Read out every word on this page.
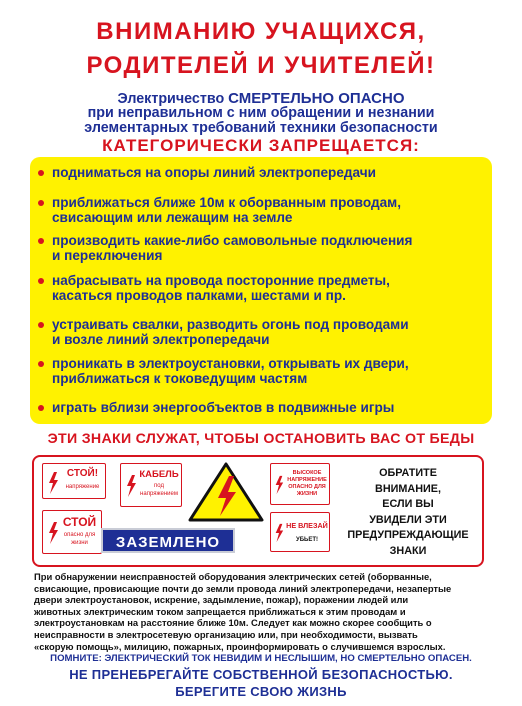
ВНИМАНИЮ УЧАЩИХСЯ,
РОДИТЕЛЕЙ И УЧИТЕЛЕЙ!
Электричество СМЕРТЕЛЬНО ОПАСНО
при неправильном с ним обращении и незнании
элементарных требований техники безопасности
КАТЕГОРИЧЕСКИ ЗАПРЕЩАЕТСЯ:
подниматься на опоры линий электропередачи
приближаться ближе 10м к оборванным проводам,
свисающим или лежащим на земле
производить какие-либо самовольные подключения
и переключения
набрасывать на провода посторонние предметы,
касаться проводов палками, шестами и пр.
устраивать свалки, разводить огонь под проводами
и возле линий электропередачи
проникать в электроустановки, открывать их двери,
приближаться к токоведущим частям
играть вблизи энергообъектов в подвижные игры
ЭТИ ЗНАКИ СЛУЖАТ, ЧТОБЫ ОСТАНОВИТЬ ВАС ОТ БЕДЫ
СТОЙ!
напряжение
КАБЕЛЬ
под
напряжением
ВЫСОКОЕ
НАПРЯЖЕНИЕ
ОПАСНО ДЛЯ
ЖИЗНИ
СТОЙ
опасно для
жизни	ЗАЗЕМЛЕНО
НЕ ВЛЕЗАЙ
УБЬЕТ!
ОБРАТИТЕ
ВНИМАНИЕ,
ЕСЛИ ВЫ
УВИДЕЛИ ЭТИ
ПРЕДУПРЕЖДАЮЩИЕ
ЗНАКИ
При обнаружении неисправностей оборудования электрических сетей (оборванные,
свисающие, провисающие почти до земли провода линий электропередачи, незапертые
двери электроустановок, искрение, задымление, пожар), поражении людей или
животных электрическим током запрещается приближаться к этим проводам и
электроустановкам на расстояние ближе 10м. Следует как можно скорее сообщить о
неисправности в электросетевую организацию или, при необходимости, вызвать
«скорую помощь», милицию, пожарных, проинформировать о случившемся взрослых.
ПОМНИТЕ: ЭЛЕКТРИЧЕСКИЙ ТОК НЕВИДИМ И НЕСЛЫШИМ, НО СМЕРТЕЛЬНО ОПАСЕН.
НЕ ПРЕНЕБРЕГАЙТЕ СОБСТВЕННОЙ БЕЗОПАСНОСТЬЮ.
БЕРЕГИТЕ СВОЮ ЖИЗНЬ
